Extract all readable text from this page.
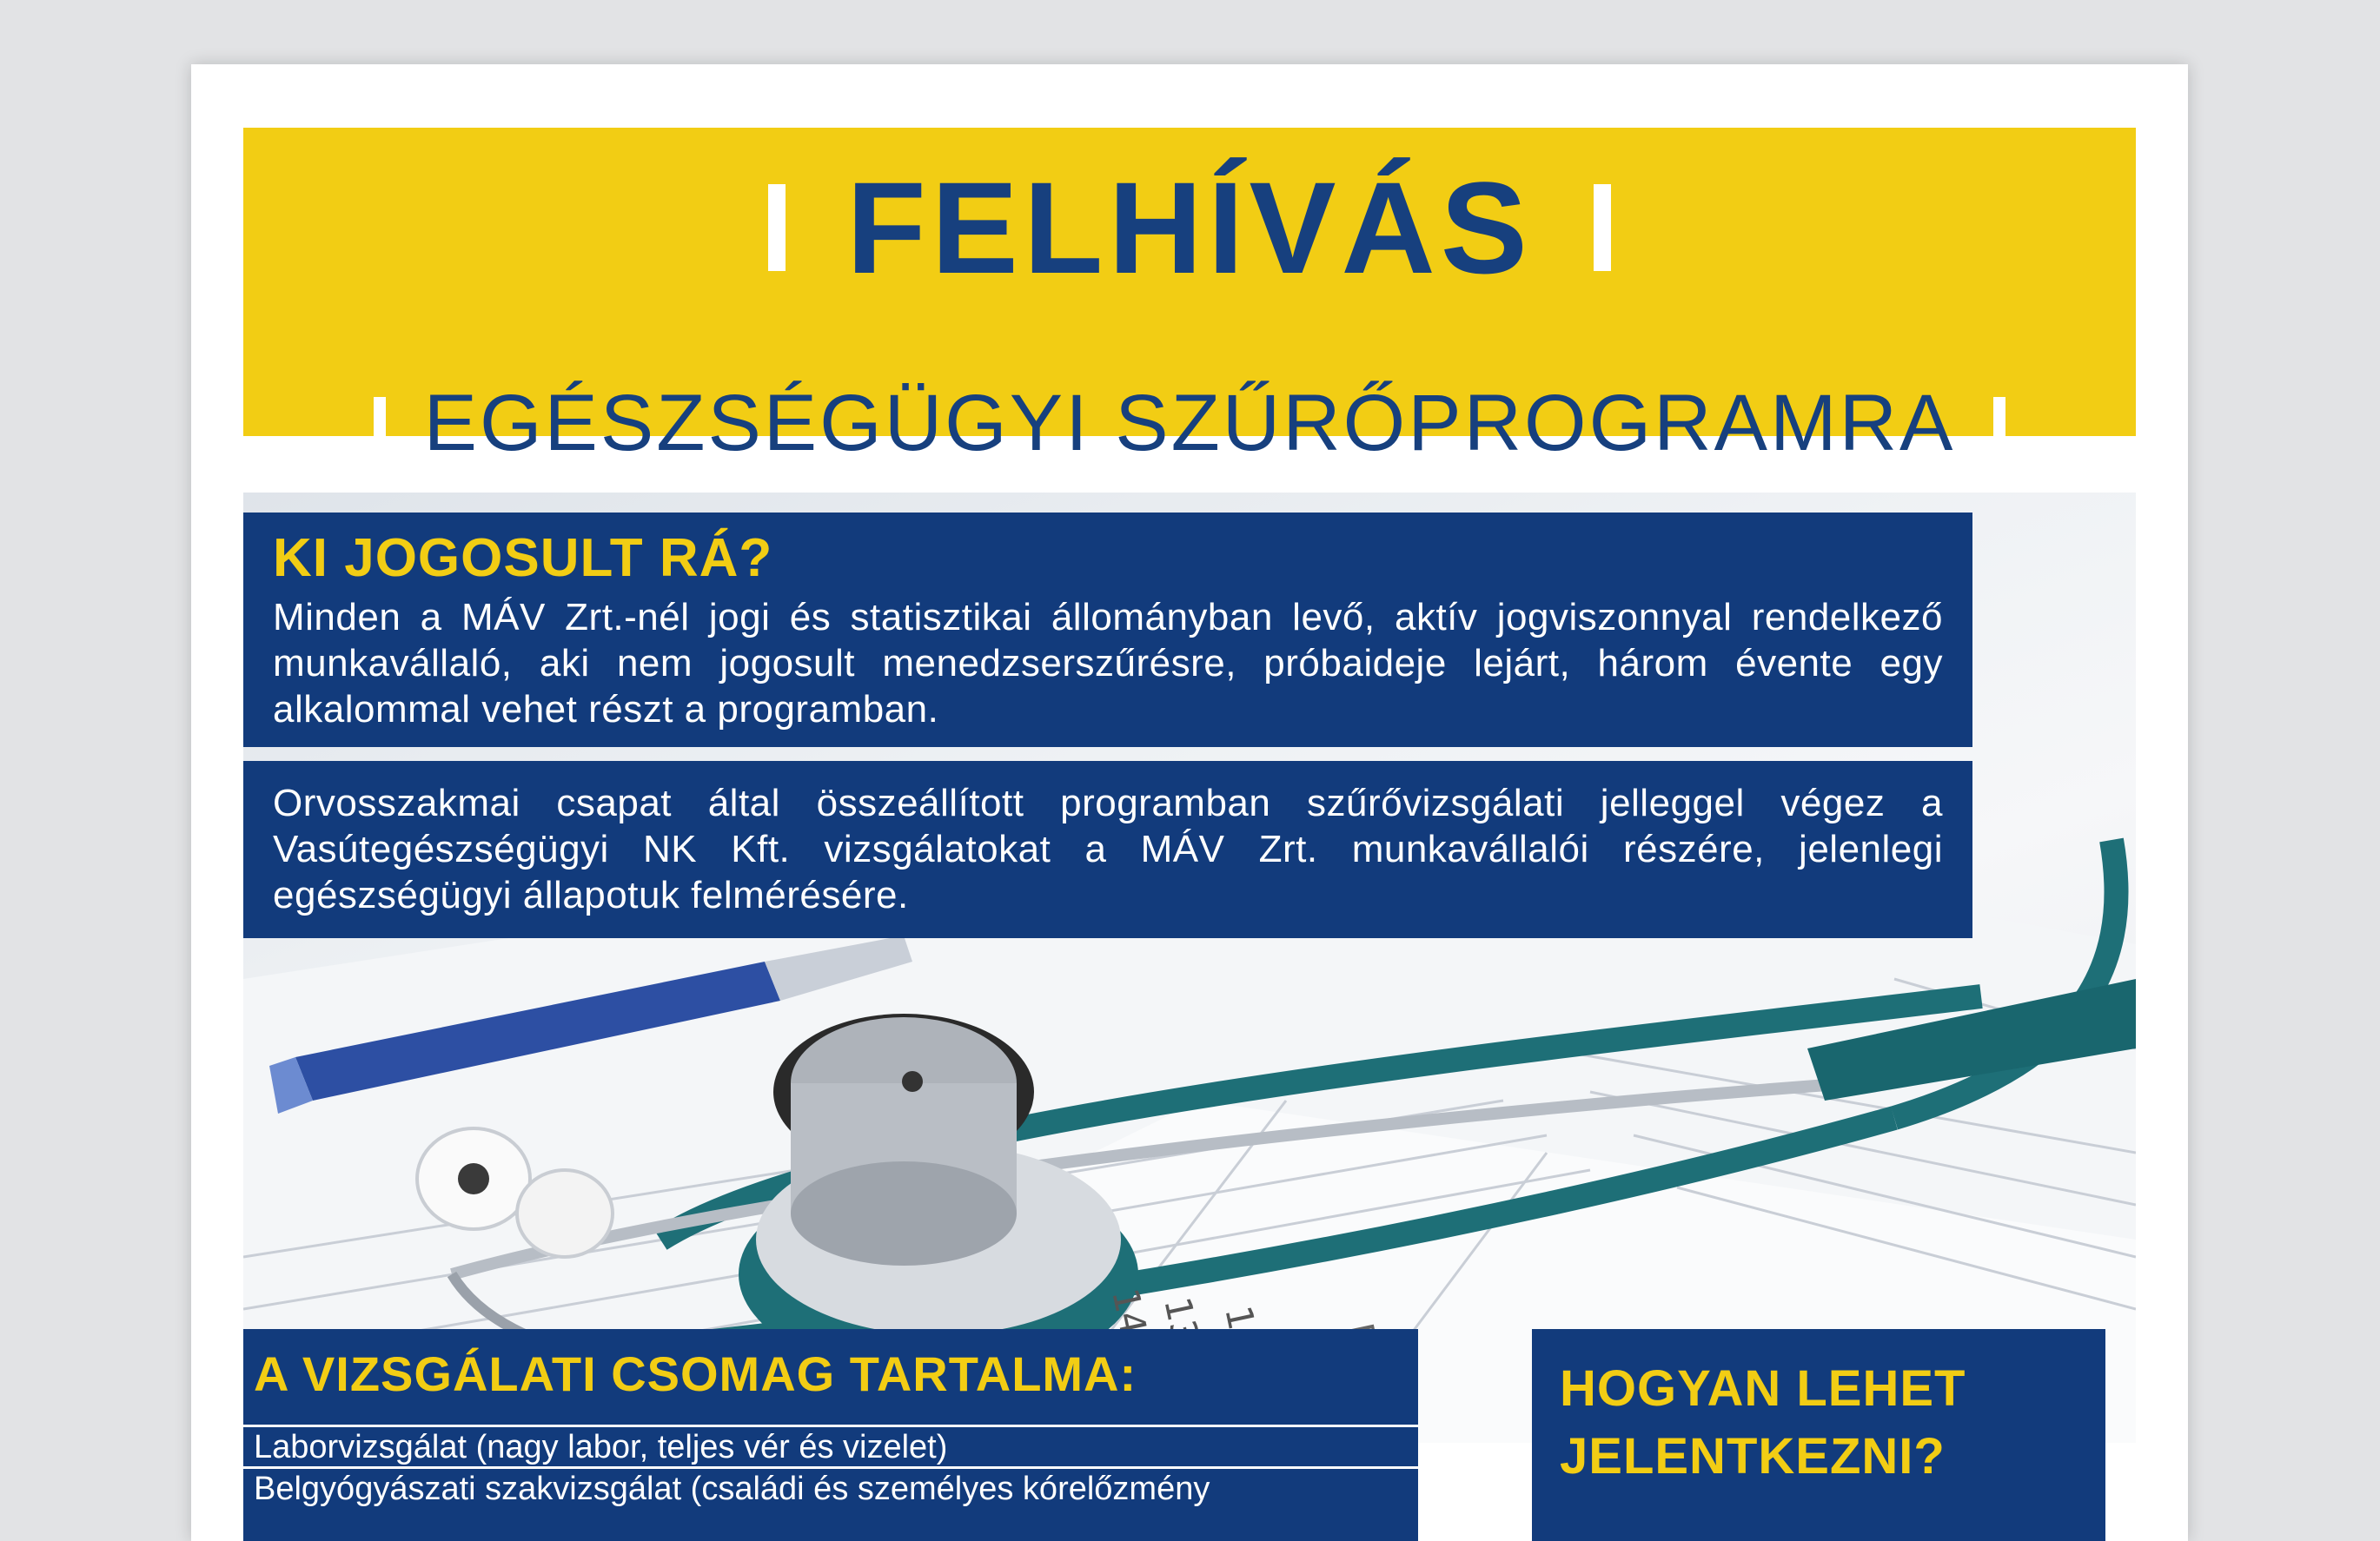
FELHÍVÁS
EGÉSZSÉGÜGYI SZŰRŐPROGRAMRA
KI JOGOSULT RÁ?
Minden a MÁV Zrt.-nél jogi és statisztikai állományban levő, aktív jogviszonnyal rendelkező munkavállaló, aki nem jogosult menedzserszűrésre, próbaideje lejárt, három évente egy alkalommal vehet részt a programban.
Orvosszakmai csapat által összeállított programban szűrővizsgálati jelleggel végez a Vasútegészségügyi NK Kft. vizsgálatokat a MÁV Zrt. munkavállalói részére, jelenlegi egészségügyi állapotuk felmérésére.
A VIZSGÁLATI CSOMAG TARTALMA:
Laborvizsgálat (nagy labor, teljes vér és vizelet)
Belgyógyászati szakvizsgálat (családi és személyes kórelőzmény
HOGYAN LEHET
JELENTKEZNI?
